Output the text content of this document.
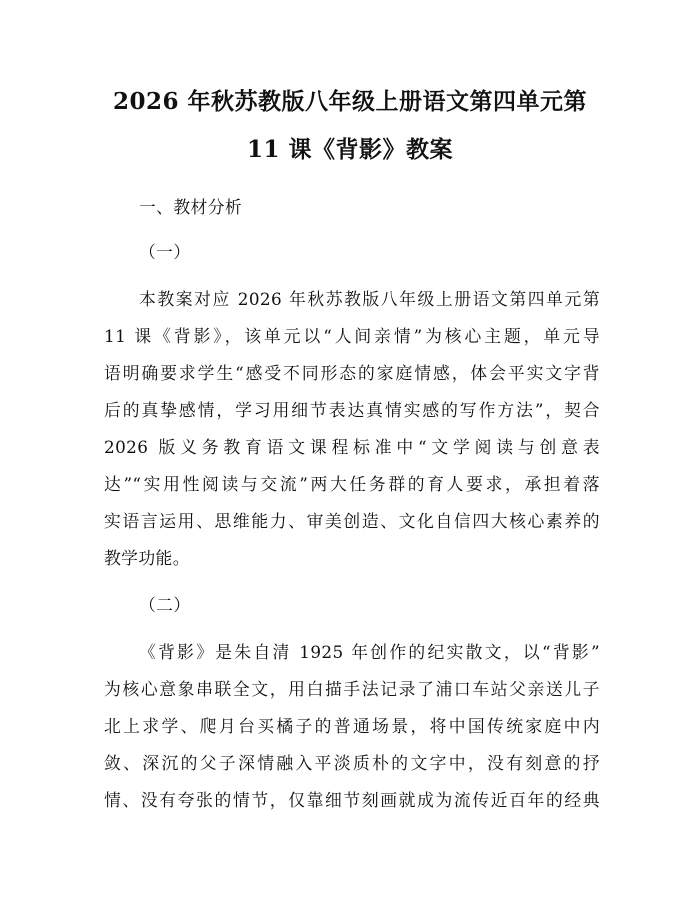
2026 年秋苏教版八年级上册语文第四单元第
11 课《背影》教案
一、教材分析
（一）
本教案对应 2026 年秋苏教版八年级上册语文第四单元第
11 课《背影》，该单元以“人间亲情”为核心主题，单元导
语明确要求学生“感受不同形态的家庭情感，体会平实文字背
后的真挚感情，学习用细节表达真情实感的写作方法”，契合
2026 版义务教育语文课程标准中“文学阅读与创意表
达”“实用性阅读与交流”两大任务群的育人要求，承担着落
实语言运用、思维能力、审美创造、文化自信四大核心素养的
教学功能。
（二）
《背影》是朱自清 1925 年创作的纪实散文，以“背影”
为核心意象串联全文，用白描手法记录了浦口车站父亲送儿子
北上求学、爬月台买橘子的普通场景，将中国传统家庭中内
敛、深沉的父子深情融入平淡质朴的文字中，没有刻意的抒
情、没有夸张的情节，仅靠细节刻画就成为流传近百年的经典
